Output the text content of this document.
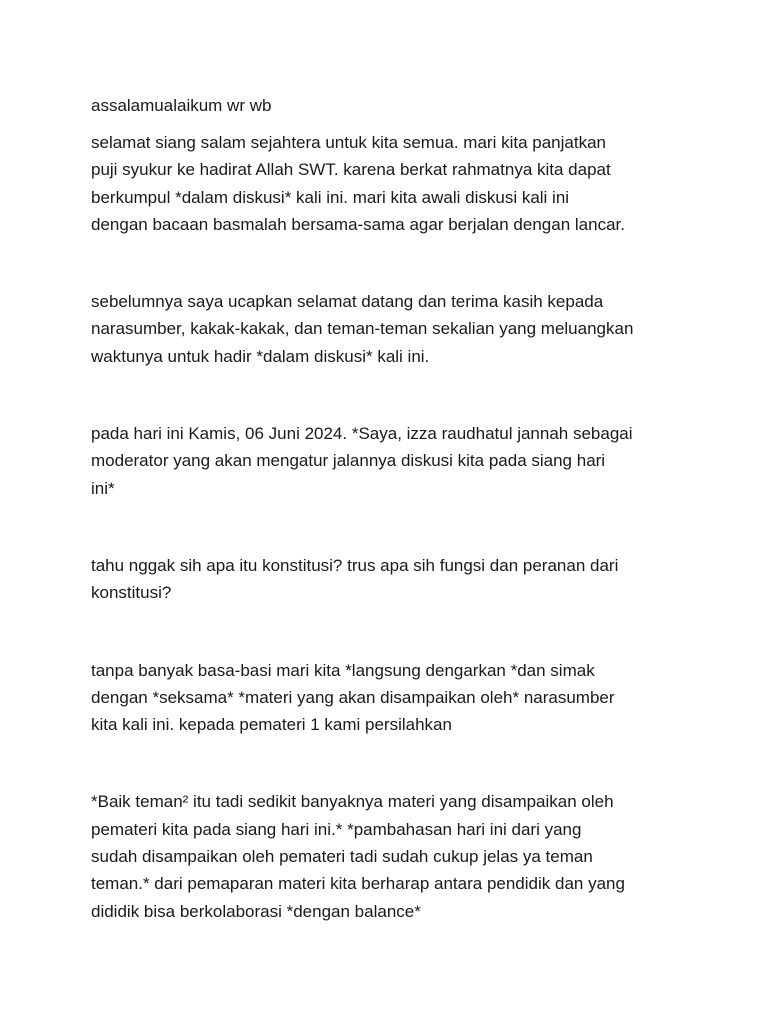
assalamualaikum wr wb

selamat siang salam sejahtera untuk kita semua. mari kita panjatkan
puji syukur ke hadirat Allah SWT. karena berkat rahmatnya kita dapat
berkumpul *dalam diskusi* kali ini. mari kita awali diskusi kali ini
dengan bacaan basmalah bersama-sama agar berjalan dengan lancar.
sebelumnya saya ucapkan selamat datang dan terima kasih kepada
narasumber, kakak-kakak, dan teman-teman sekalian yang meluangkan
waktunya untuk hadir *dalam diskusi* kali ini.
pada hari ini Kamis, 06 Juni 2024. *Saya, izza raudhatul jannah sebagai
moderator yang akan mengatur jalannya diskusi kita pada siang hari
ini*
tahu nggak sih apa itu konstitusi? trus apa sih fungsi dan peranan dari
konstitusi?
tanpa banyak basa-basi mari kita *langsung dengarkan *dan simak
dengan *seksama* *materi yang akan disampaikan oleh* narasumber
kita kali ini. kepada pemateri 1 kami persilahkan
*Baik teman² itu tadi sedikit banyaknya materi yang disampaikan oleh
pemateri kita pada siang hari ini.* *pambahasan hari ini dari yang
sudah disampaikan oleh pemateri tadi sudah cukup jelas ya teman
teman.* dari pemaparan materi kita berharap antara pendidik dan yang
dididik bisa berkolaborasi *dengan balance*
